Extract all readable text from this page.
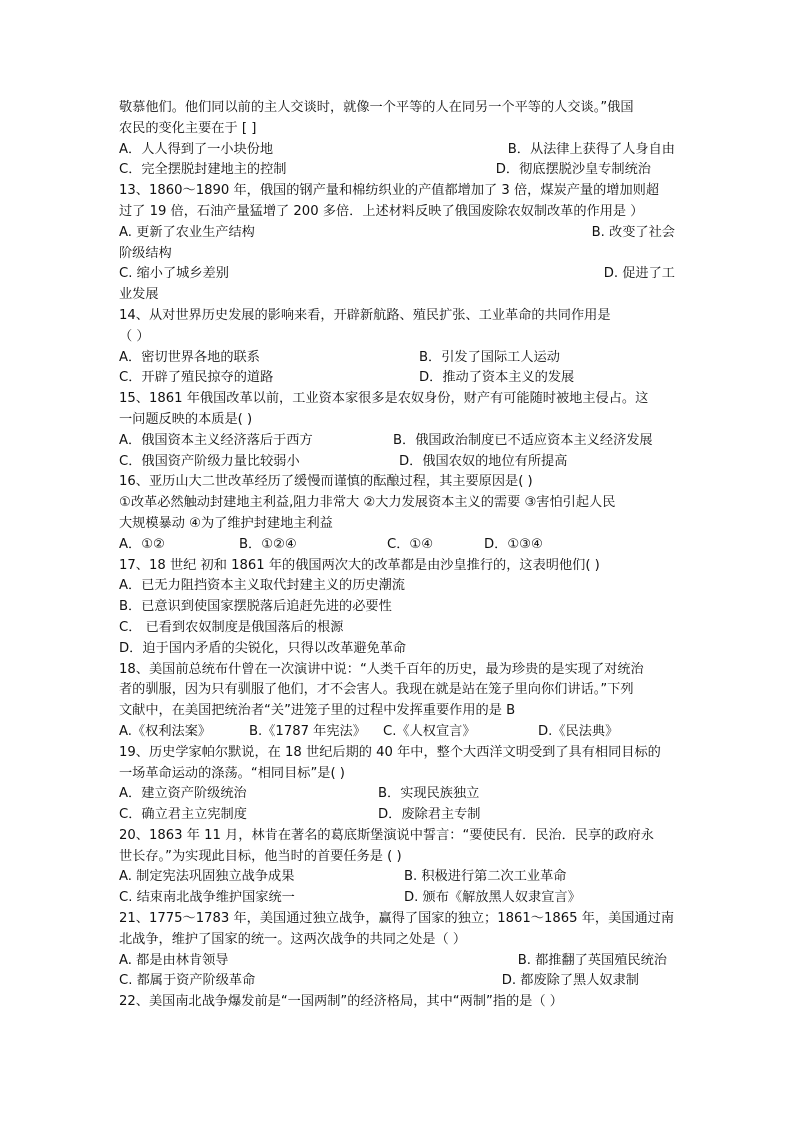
敬慕他们。他们同以前的主人交谈时，就像一个平等的人在同另一个平等的人交谈。”俄国
农民的变化主要在于 [ ]
A．人人得到了一小块份地	B．从法律上获得了人身自由
C．完全摆脱封建地主的控制	D．彻底摆脱沙皇专制统治
13、1860～1890 年，俄国的钢产量和棉纺织业的产值都增加了 3 倍，煤炭产量的增加则超
过了 19 倍，石油产量猛增了 200 多倍．上述材料反映了俄国废除农奴制改革的作用是 ）
A. 更新了农业生产结构	B. 改变了社会
阶级结构
C. 缩小了城乡差别	D. 促进了工
业发展
14、从对世界历史发展的影响来看，开辟新航路、殖民扩张、工业革命的共同作用是
（ ）
A．密切世界各地的联系	B．引发了国际工人运动
C．开辟了殖民掠夺的道路	D．推动了资本主义的发展
15、1861 年俄国改革以前，工业资本家很多是农奴身份，财产有可能随时被地主侵占。这
一问题反映的本质是( )
A．俄国资本主义经济落后于西方	B．俄国政治制度已不适应资本主义经济发展
C．俄国资产阶级力量比较弱小	D．俄国农奴的地位有所提高
16、亚历山大二世改革经历了缓慢而谨慎的酝酿过程，其主要原因是( )
①改革必然触动封建地主利益,阻力非常大 ②大力发展资本主义的需要 ③害怕引起人民
大规模暴动 ④为了维护封建地主利益
A．①②	B．①②④	C．①④	D．①③④
17、18 世纪 初和 1861 年的俄国两次大的改革都是由沙皇推行的，这表明他们( )
A．已无力阻挡资本主义取代封建主义的历史潮流
B．已意识到使国家摆脱落后追赶先进的必要性
C． 已看到农奴制度是俄国落后的根源
D．迫于国内矛盾的尖锐化，只得以改革避免革命
18、美国前总统布什曾在一次演讲中说：“人类千百年的历史，最为珍贵的是实现了对统治
者的驯服，因为只有驯服了他们，才不会害人。我现在就是站在笼子里向你们讲话。”下列
文献中，在美国把统治者“关”进笼子里的过程中发挥重要作用的是 B
A.《权利法案》	B.《1787 年宪法》	C.《人权宣言》	D.《民法典》
19、历史学家帕尔默说，在 18 世纪后期的 40 年中，整个大西洋文明受到了具有相同目标的
一场革命运动的涤荡。“相同目标”是( )
A．建立资产阶级统治	B．实现民族独立
C．确立君主立宪制度	D．废除君主专制
20、1863 年 11 月，林肯在著名的葛底斯堡演说中誓言：“要使民有．民治．民享的政府永
世长存。”为实现此目标，他当时的首要任务是 ( )
A. 制定宪法巩固独立战争成果	B. 积极进行第二次工业革命
C. 结束南北战争维护国家统一	D. 颁布《解放黑人奴隶宣言》
21、1775～1783 年，美国通过独立战争，赢得了国家的独立；1861～1865 年，美国通过南
北战争，维护了国家的统一。这两次战争的共同之处是（ ）
A. 都是由林肯领导	B. 都推翻了英国殖民统治
C. 都属于资产阶级革命	D. 都废除了黑人奴隶制
22、美国南北战争爆发前是“一国两制”的经济格局，其中“两制”指的是（ ）
